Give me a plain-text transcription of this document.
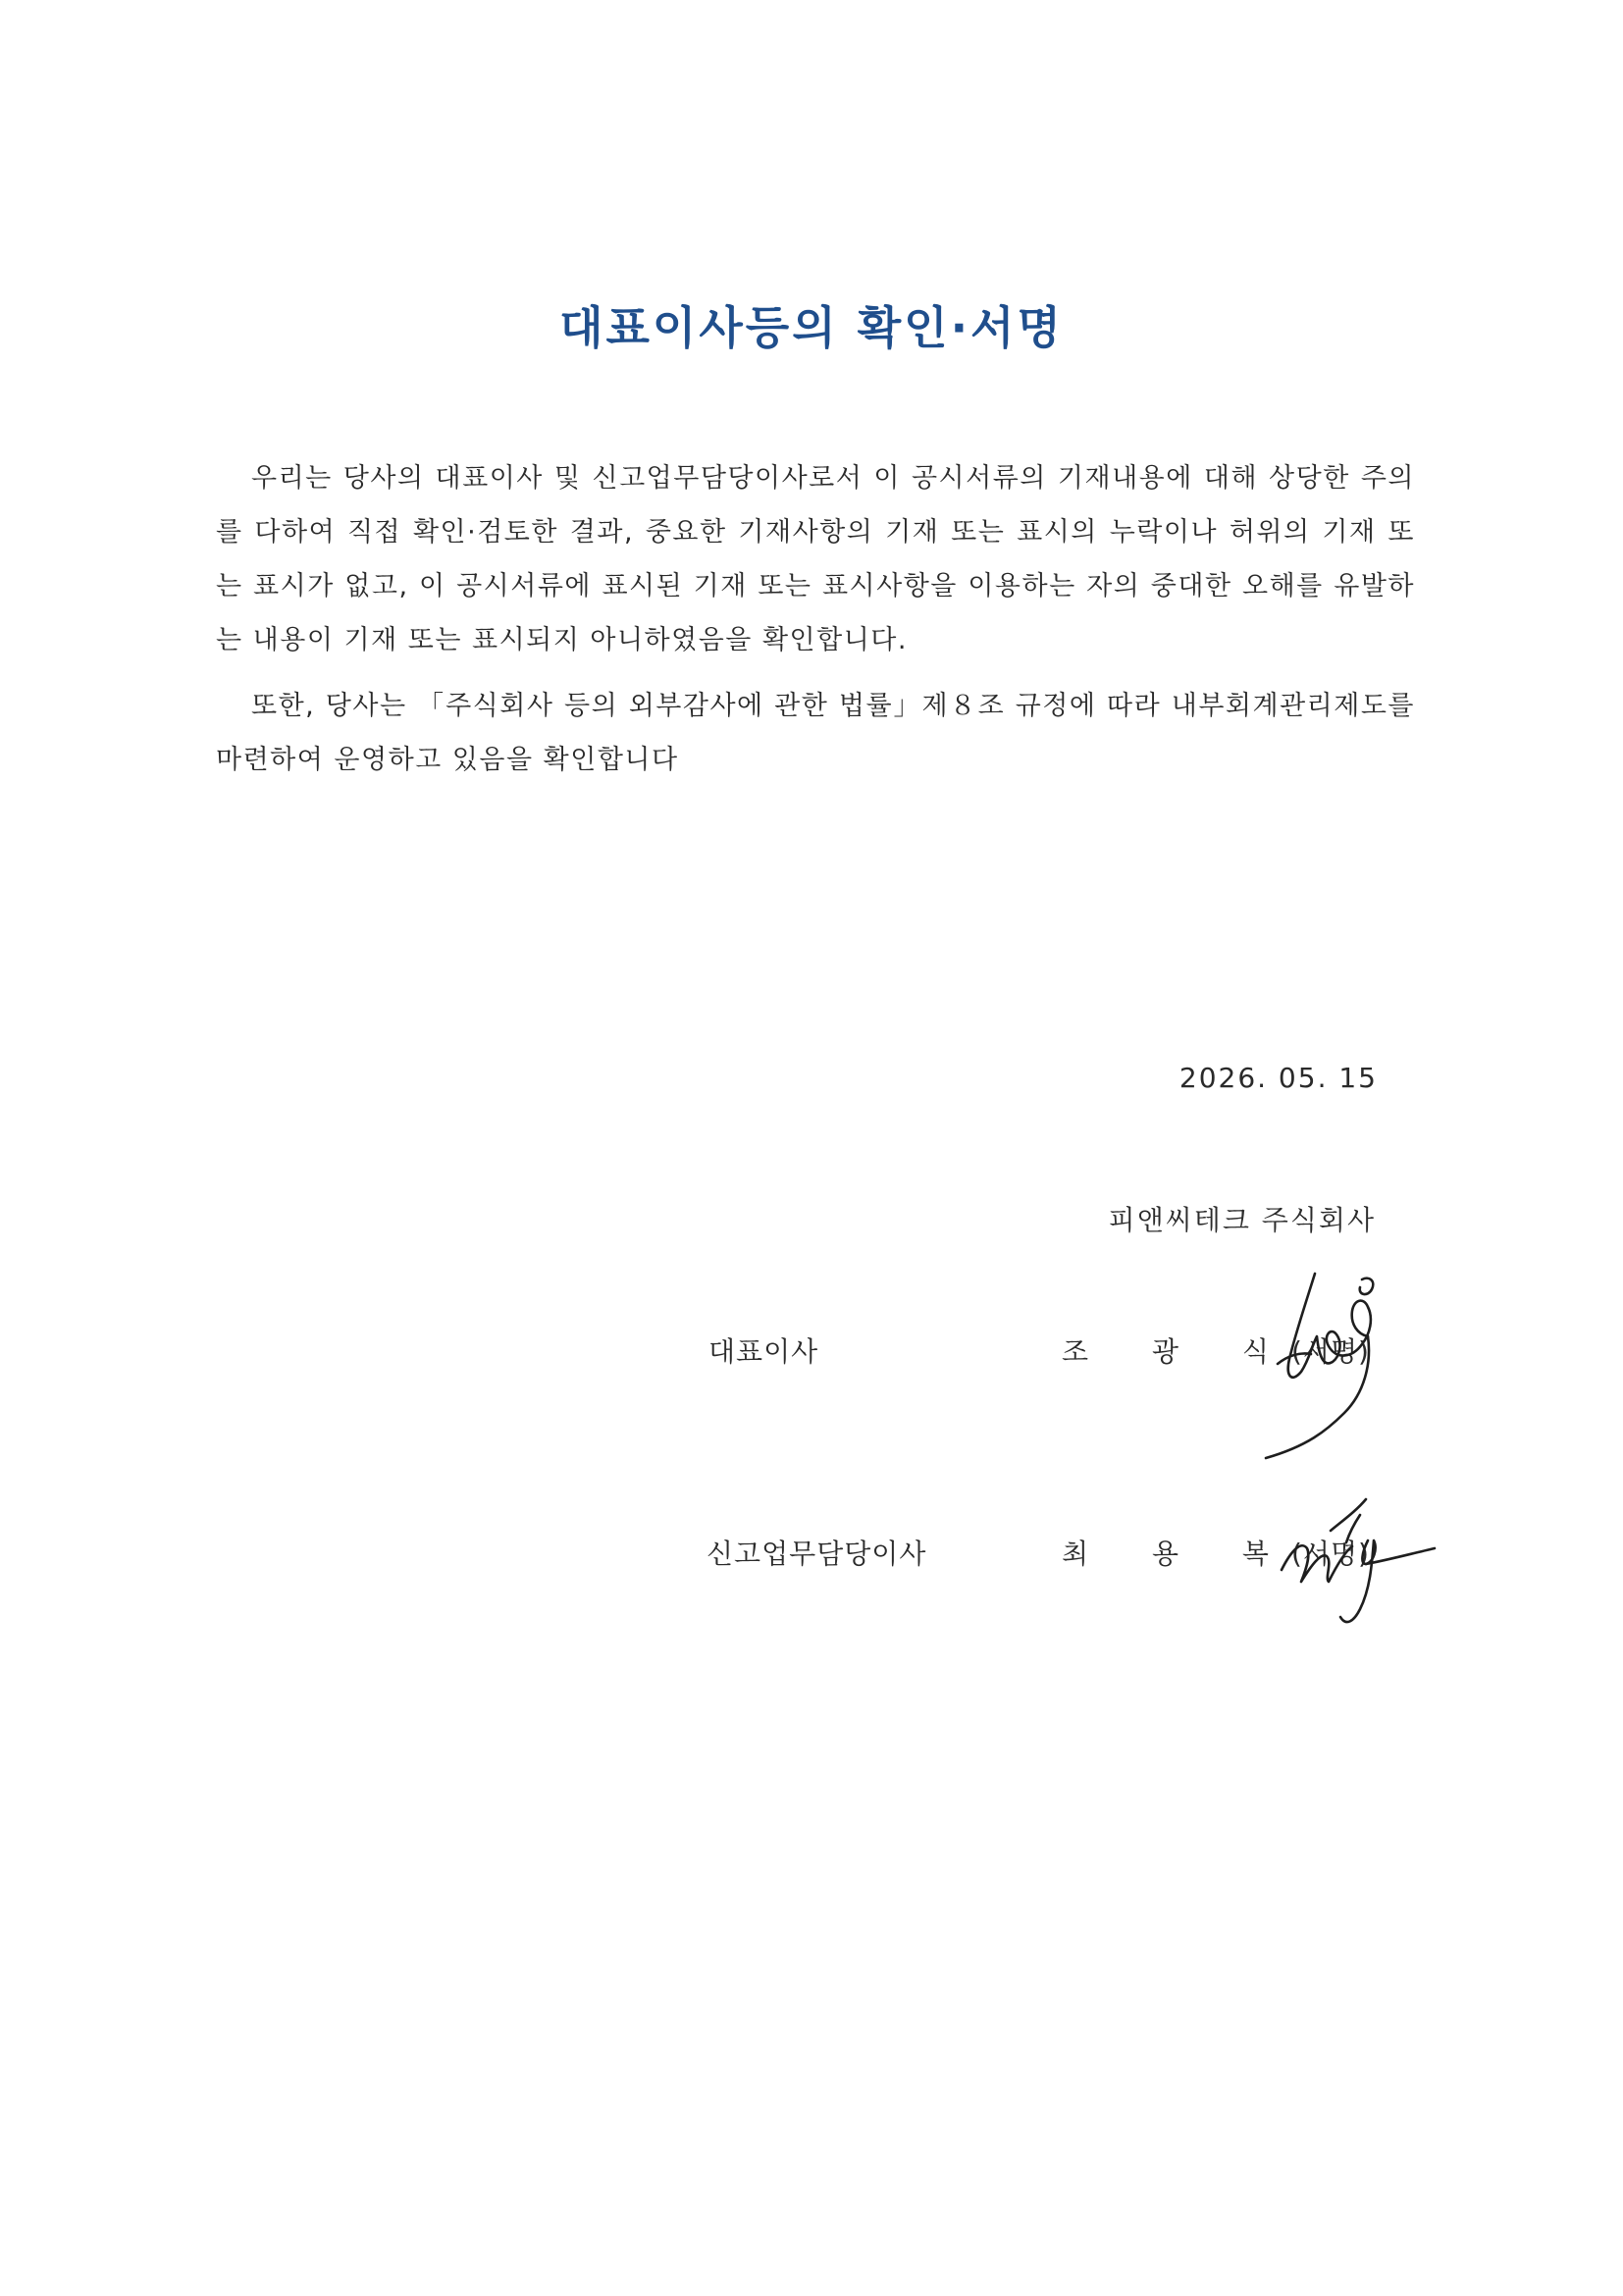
대표이사등의 확인·서명

우리는 당사의 대표이사 및 신고업무담당이사로서 이 공시서류의 기재내용에 대해 상당한 주의를 다하여 직접 확인·검토한 결과, 중요한 기재사항의 기재 또는 표시의 누락이나 허위의 기재 또는 표시가 없고, 이 공시서류에 표시된 기재 또는 표시사항을 이용하는 자의 중대한 오해를 유발하는 내용이 기재 또는 표시되지 아니하였음을 확인합니다.

또한, 당사는 「주식회사 등의 외부감사에 관한 법률」제８조 규정에 따라 내부회계관리제도를 마련하여 운영하고 있음을 확인합니다

2026. 05. 15
피앤씨테크 주식회사
대표이사	조 광 식
(서명)
신고업무담당이사	최 용 복
(서명)
